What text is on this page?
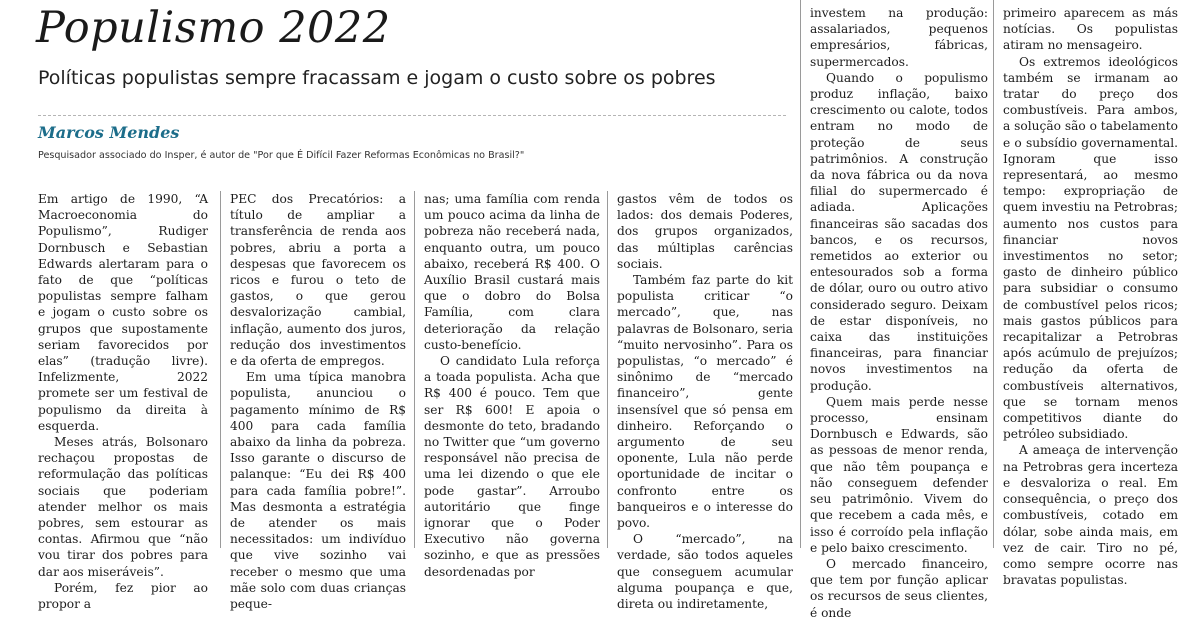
Populismo 2022
Políticas populistas sempre fracassam e jogam o custo sobre os pobres
Marcos Mendes
Pesquisador associado do Insper, é autor de "Por que É Difícil Fazer Reformas Econômicas no Brasil?"

Em artigo de 1990, “A Macroeconomia do Populismo”, Rudiger Dornbusch e Sebastian Edwards alertaram para o fato de que “políticas populistas sempre falham e jogam o custo sobre os grupos que supostamente seriam favorecidos por elas” (tradução livre). Infelizmente, 2022 promete ser um festival de populismo da direita à esquerda.

Meses atrás, Bolsonaro rechaçou propostas de reformulação das políticas sociais que poderiam atender melhor os mais pobres, sem estourar as contas. Afirmou que “não vou tirar dos pobres para dar aos miseráveis”.

Porém, fez pior ao propor a

PEC dos Precatórios: a título de ampliar a transferência de renda aos pobres, abriu a porta a despesas que favorecem os ricos e furou o teto de gastos, o que gerou desvalorização cambial, inflação, aumento dos juros, redução dos investimentos e da oferta de empregos.

Em uma típica manobra populista, anunciou o pagamento mínimo de R$ 400 para cada família abaixo da linha da pobreza. Isso garante o discurso de palanque: “Eu dei R$ 400 para cada família pobre!”. Mas desmonta a estratégia de atender os mais necessitados: um indivíduo que vive sozinho vai receber o mesmo que uma mãe solo com duas crianças peque-

nas; uma família com renda um pouco acima da linha de pobreza não receberá nada, enquanto outra, um pouco abaixo, receberá R$ 400. O Auxílio Brasil custará mais que o dobro do Bolsa Família, com clara deterioração da relação custo-benefício.

O candidato Lula reforça a toada populista. Acha que R$ 400 é pouco. Tem que ser R$ 600! E apoia o desmonte do teto, bradando no Twitter que “um governo responsável não precisa de uma lei dizendo o que ele pode gastar”. Arroubo autoritário que finge ignorar que o Poder Executivo não governa sozinho, e que as pressões desordenadas por

gastos vêm de todos os lados: dos demais Poderes, dos grupos organizados, das múltiplas carências sociais.

Também faz parte do kit populista criticar “o mercado”, que, nas palavras de Bolsonaro, seria “muito nervosinho”. Para os populistas, “o mercado” é sinônimo de “mercado financeiro”, gente insensível que só pensa em dinheiro. Reforçando o argumento de seu oponente, Lula não perde oportunidade de incitar o confronto entre os banqueiros e o interesse do povo.

O “mercado”, na verdade, são todos aqueles que conseguem acumular alguma poupança e que, direta ou indiretamente,

investem na produção: assalariados, pequenos empresários, fábricas, supermercados.

Quando o populismo produz inflação, baixo crescimento ou calote, todos entram no modo de proteção de seus patrimônios. A construção da nova fábrica ou da nova filial do supermercado é adiada. Aplicações financeiras são sacadas dos bancos, e os recursos, remetidos ao exterior ou entesourados sob a forma de dólar, ouro ou outro ativo considerado seguro. Deixam de estar disponíveis, no caixa das instituições financeiras, para financiar novos investimentos na produção.

Quem mais perde nesse processo, ensinam Dornbusch e Edwards, são as pessoas de menor renda, que não têm poupança e não conseguem defender seu patrimônio. Vivem do que recebem a cada mês, e isso é corroído pela inflação e pelo baixo crescimento.

O mercado financeiro, que tem por função aplicar os recursos de seus clientes, é onde

primeiro aparecem as más notícias. Os populistas atiram no mensageiro.

Os extremos ideológicos também se irmanam ao tratar do preço dos combustíveis. Para ambos, a solução são o tabelamento e o subsídio governamental. Ignoram que isso representará, ao mesmo tempo: expropriação de quem investiu na Petrobras; aumento nos custos para financiar novos investimentos no setor; gasto de dinheiro público para subsidiar o consumo de combustível pelos ricos; mais gastos públicos para recapitalizar a Petrobras após acúmulo de prejuízos; redução da oferta de combustíveis alternativos, que se tornam menos competitivos diante do petróleo subsidiado.

A ameaça de intervenção na Petrobras gera incerteza e desvaloriza o real. Em consequência, o preço dos combustíveis, cotado em dólar, sobe ainda mais, em vez de cair. Tiro no pé, como sempre ocorre nas bravatas populistas.
